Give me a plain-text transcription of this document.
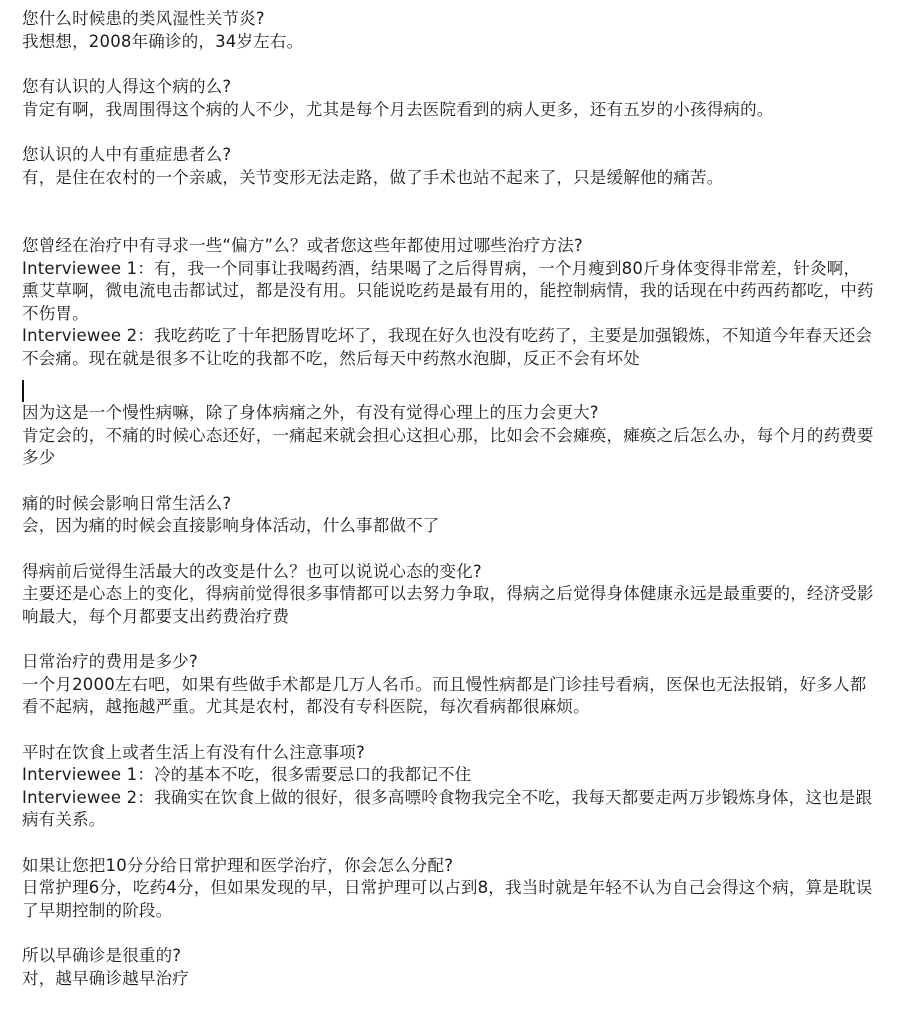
您什么时候患的类风湿性关节炎?

我想想，2008年确诊的，34岁左右。

您有认识的人得这个病的么?

肯定有啊，我周围得这个病的人不少，尤其是每个月去医院看到的病人更多，还有五岁的小孩得病的。

您认识的人中有重症患者么?

有，是住在农村的一个亲戚，关节变形无法走路，做了手术也站不起来了，只是缓解他的痛苦。

您曾经在治疗中有寻求一些“偏方”么？或者您这些年都使用过哪些治疗方法?

Interviewee 1：有，我一个同事让我喝药酒，结果喝了之后得胃病，一个月瘦到80斤身体变得非常差，针灸啊，熏艾草啊，微电流电击都试过，都是没有用。只能说吃药是最有用的，能控制病情，我的话现在中药西药都吃，中药不伤胃。

Interviewee 2：我吃药吃了十年把肠胃吃坏了，我现在好久也没有吃药了，主要是加强锻炼，不知道今年春天还会不会痛。现在就是很多不让吃的我都不吃，然后每天中药熬水泡脚，反正不会有坏处

因为这是一个慢性病嘛，除了身体病痛之外，有没有觉得心理上的压力会更大?

肯定会的，不痛的时候心态还好，一痛起来就会担心这担心那，比如会不会瘫痪，瘫痪之后怎么办，每个月的药费要多少

痛的时候会影响日常生活么?

会，因为痛的时候会直接影响身体活动，什么事都做不了

得病前后觉得生活最大的改变是什么？也可以说说心态的变化?

主要还是心态上的变化，得病前觉得很多事情都可以去努力争取，得病之后觉得身体健康永远是最重要的，经济受影响最大，每个月都要支出药费治疗费

日常治疗的费用是多少?

一个月2000左右吧，如果有些做手术都是几万人名币。而且慢性病都是门诊挂号看病，医保也无法报销，好多人都看不起病，越拖越严重。尤其是农村，都没有专科医院，每次看病都很麻烦。

平时在饮食上或者生活上有没有什么注意事项?

Interviewee 1：冷的基本不吃，很多需要忌口的我都记不住

Interviewee 2：我确实在饮食上做的很好，很多高嘌呤食物我完全不吃，我每天都要走两万步锻炼身体，这也是跟病有关系。

如果让您把10分分给日常护理和医学治疗，你会怎么分配?

日常护理6分，吃药4分，但如果发现的早，日常护理可以占到8，我当时就是年轻不认为自己会得这个病，算是耽误了早期控制的阶段。

所以早确诊是很重的?

对，越早确诊越早治疗
